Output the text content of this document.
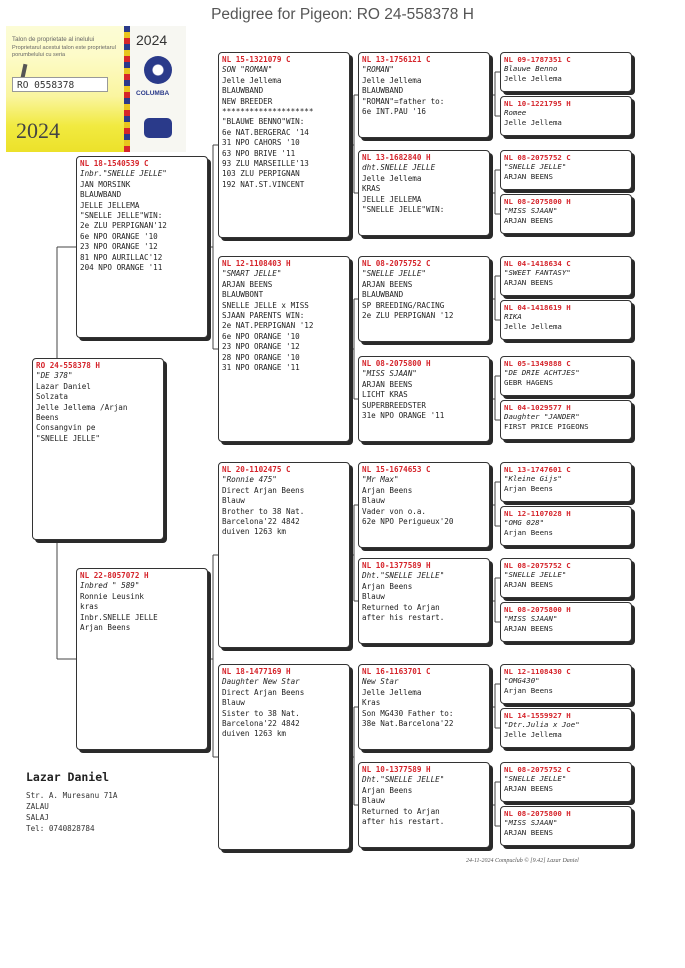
Pedigree for Pigeon: RO 24-558378 H
Talon de proprietate al inelului
Proprietarul acestui talon este proprietarul porumbelului cu seria
RO 0558378
2024
2024
COLUMBA
RO 24-558378 H
"DE 378"
Lazar Daniel
Solzata
Jelle Jellema /Arjan
Beens
Consangvin pe
"SNELLE JELLE"
NL 18-1540539 C
Inbr."SNELLE JELLE"
JAN MORSINK
BLAUWBAND
JELLE JELLEMA
"SNELLE JELLE"WIN:
2e ZLU PERPIGNAN'12
6e NPO ORANGE '10
23 NPO ORANGE '12
81 NPO AURILLAC'12
204 NPO ORANGE '11
NL 22-8057072 H
Inbred " 589"
Ronnie Leusink
kras
Inbr.SNELLE JELLE
Arjan Beens
NL 15-1321079 C
SON "ROMAN"
Jelle Jellema
BLAUWBAND
NEW BREEDER
********************
"BLAUWE BENNO"WIN:
6e NAT.BERGERAC '14
31 NPO CAHORS '10
63 NPO BRIVE '11
93 ZLU MARSEILLE'13
103 ZLU PERPIGNAN
192 NAT.ST.VINCENT
NL 12-1108403 H
"SMART JELLE"
ARJAN BEENS
BLAUWBONT
SNELLE JELLE x MISS
SJAAN PARENTS WIN:
2e NAT.PERPIGNAN '12
6e NPO ORANGE '10
23 NPO ORANGE '12
28 NPO ORANGE '10
31 NPO ORANGE '11
NL 20-1102475 C
"Ronnie 475"
Direct Arjan Beens
Blauw
Brother to 38 Nat.
Barcelona'22 4842
duiven 1263 km
NL 18-1477169 H
Daughter New Star
Direct Arjan Beens
Blauw
Sister to 38 Nat.
Barcelona'22 4842
duiven 1263 km
NL 13-1756121 C
"ROMAN"
Jelle Jellema
BLAUWBAND
"ROMAN"=father to:
6e INT.PAU '16
NL 13-1682840 H
dht.SNELLE JELLE
Jelle Jellema
KRAS
JELLE JELLEMA
"SNELLE JELLE"WIN:
NL 08-2075752 C
"SNELLE JELLE"
ARJAN BEENS
BLAUWBAND
SP BREEDING/RACING
2e ZLU PERPIGNAN '12
NL 08-2075800 H
"MISS SJAAN"
ARJAN BEENS
LICHT KRAS
SUPERBREEDSTER
31e NPO ORANGE '11
NL 15-1674653 C
"Mr Max"
Arjan Beens
Blauw
Vader von o.a.
62e NPO Perigueux'20
NL 10-1377589 H
Dht."SNELLE JELLE"
Arjan Beens
Blauw
Returned to Arjan
after his restart.
NL 16-1163701 C
New Star
Jelle Jellema
Kras
Son MG430 Father to:
38e Nat.Barcelona'22
NL 10-1377589 H
Dht."SNELLE JELLE"
Arjan Beens
Blauw
Returned to Arjan
after his restart.
NL 09-1787351 C
Blauwe Benno
Jelle Jellema
NL 10-1221795 H
Romee
Jelle Jellema
NL 08-2075752 C
"SNELLE JELLE"
ARJAN BEENS
NL 08-2075800 H
"MISS SJAAN"
ARJAN BEENS
NL 04-1418634 C
"SWEET FANTASY"
ARJAN BEENS
NL 04-1418619 H
RIKA
Jelle Jellema
NL 05-1349888 C
"DE DRIE ACHTJES"
GEBR HAGENS
NL 04-1029577 H
Daughter "JANDER"
FIRST PRICE PIGEONS
NL 13-1747601 C
"Kleine Gijs"
Arjan Beens
NL 12-1107028 H
"OMG 028"
Arjan Beens
NL 08-2075752 C
"SNELLE JELLE"
ARJAN BEENS
NL 08-2075800 H
"MISS SJAAN"
ARJAN BEENS
NL 12-1108430 C
"OMG430"
Arjan Beens
NL 14-1559927 H
"Dtr.Julia x Joe"
Jelle Jellema
NL 08-2075752 C
"SNELLE JELLE"
ARJAN BEENS
NL 08-2075800 H
"MISS SJAAN"
ARJAN BEENS
Lazar Daniel
Str. A. Muresanu 71A
ZALAU
SALAJ
Tel: 0740828784
24-11-2024 Compuclub © [9.42] Lazar Daniel
